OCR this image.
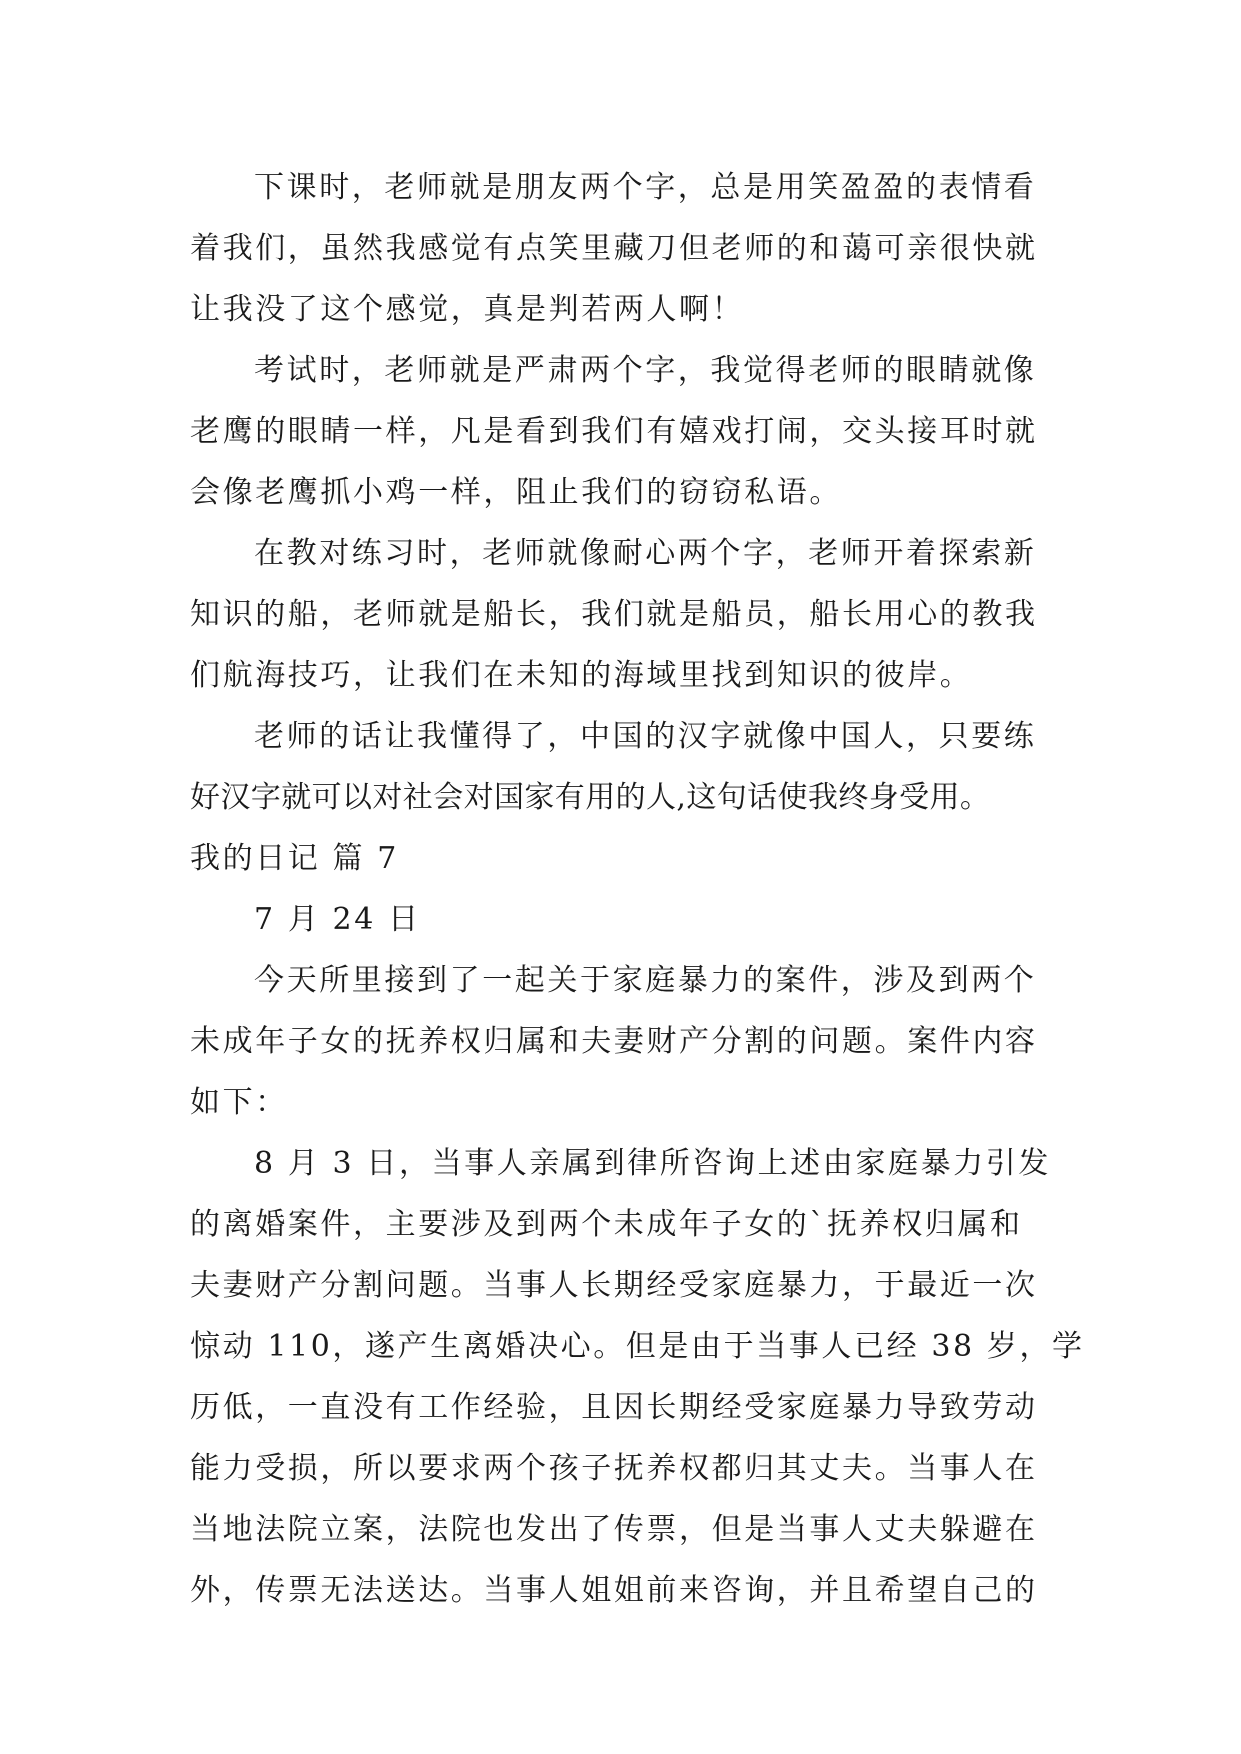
下课时，老师就是朋友两个字，总是用笑盈盈的表情看
着我们，虽然我感觉有点笑里藏刀但老师的和蔼可亲很快就
让我没了这个感觉，真是判若两人啊！
考试时，老师就是严肃两个字，我觉得老师的眼睛就像
老鹰的眼睛一样，凡是看到我们有嬉戏打闹，交头接耳时就
会像老鹰抓小鸡一样，阻止我们的窃窃私语。
在教对练习时，老师就像耐心两个字，老师开着探索新
知识的船，老师就是船长，我们就是船员，船长用心的教我
们航海技巧，让我们在未知的海域里找到知识的彼岸。
老师的话让我懂得了，中国的汉字就像中国人，只要练
好汉字就可以对社会对国家有用的人,这句话使我终身受用。
我的日记 篇 7
7 月 24 日
今天所里接到了一起关于家庭暴力的案件，涉及到两个
未成年子女的抚养权归属和夫妻财产分割的问题。案件内容
如下：
8 月 3 日，当事人亲属到律所咨询上述由家庭暴力引发
的离婚案件，主要涉及到两个未成年子女的`抚养权归属和
夫妻财产分割问题。当事人长期经受家庭暴力，于最近一次
惊动 110，遂产生离婚决心。但是由于当事人已经 38 岁，学
历低，一直没有工作经验，且因长期经受家庭暴力导致劳动
能力受损，所以要求两个孩子抚养权都归其丈夫。当事人在
当地法院立案，法院也发出了传票，但是当事人丈夫躲避在
外，传票无法送达。当事人姐姐前来咨询，并且希望自己的
